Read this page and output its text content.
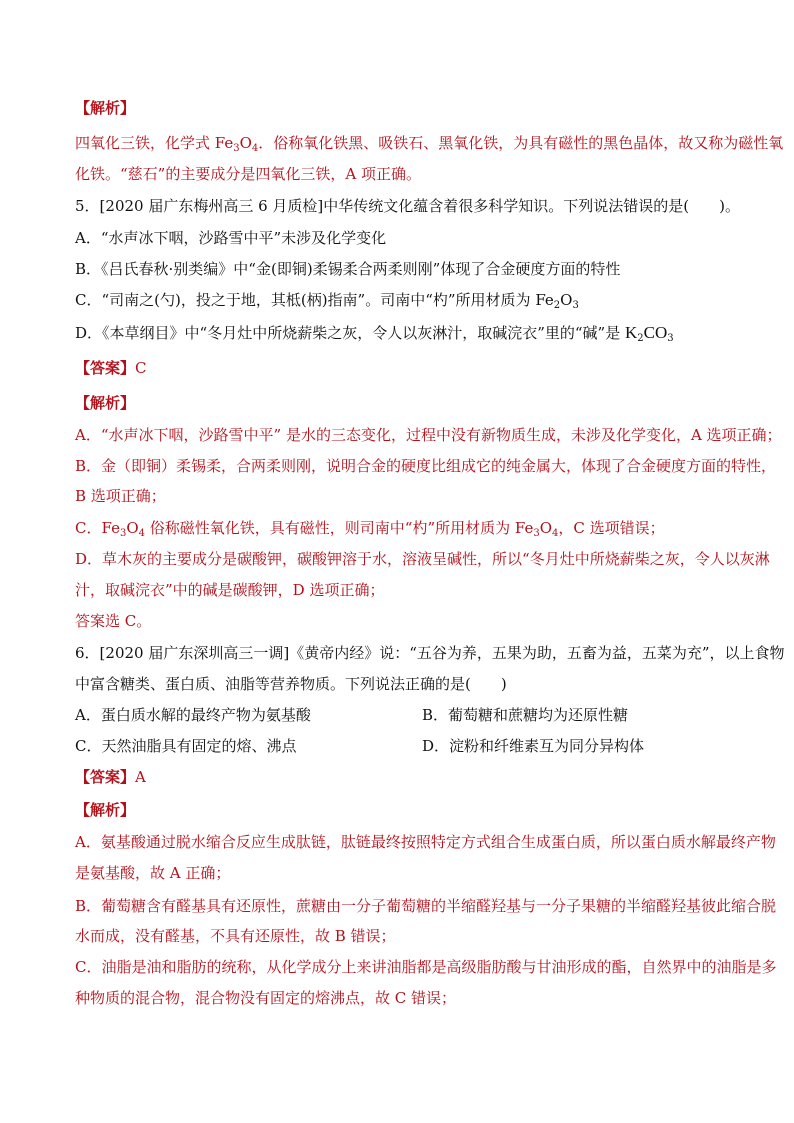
【解析】
四氧化三铁，化学式 $Fe_3O_4$．俗称氧化铁黑、吸铁石、黑氧化铁，为具有磁性的黑色晶体，故又称为磁性氧
化铁。“慈石”的主要成分是四氧化三铁，A 项正确。
5．[2020 届广东梅州高三 6 月质检]中华传统文化蕴含着很多科学知识。下列说法错误的是(　　)。
A．“水声冰下咽，沙路雪中平”未涉及化学变化
B．《吕氏春秋·别类编》中“金(即铜)柔锡柔合两柔则刚”体现了合金硬度方面的特性
C．“司南之(勺)，投之于地，其柢(柄)指南”。司南中“杓”所用材质为 $Fe_2O_3$
D．《本草纲目》中“冬月灶中所烧薪柴之灰，令人以灰淋汁，取碱浣衣”里的“碱”是 $K_2CO_3$
【答案】C
【解析】
A．“水声冰下咽，沙路雪中平” 是水的三态变化，过程中没有新物质生成，未涉及化学变化，A 选项正确；
B．金（即铜）柔锡柔，合两柔则刚，说明合金的硬度比组成它的纯金属大，体现了合金硬度方面的特性，
B 选项正确；
C．$Fe_3O_4$ 俗称磁性氧化铁，具有磁性，则司南中“杓”所用材质为 $Fe_3O_4$，C 选项错误；
D．草木灰的主要成分是碳酸钾，碳酸钾溶于水，溶液呈碱性，所以“冬月灶中所烧薪柴之灰，令人以灰淋
汁，取碱浣衣”中的碱是碳酸钾，D 选项正确；
答案选 C。
6．[2020 届广东深圳高三一调]《黄帝内经》说：“五谷为养，五果为助，五畜为益，五菜为充”，以上食物
中富含糖类、蛋白质、油脂等营养物质。下列说法正确的是(　　)
A．蛋白质水解的最终产物为氨基酸	B．葡萄糖和蔗糖均为还原性糖
C．天然油脂具有固定的熔、沸点	D．淀粉和纤维素互为同分异构体
【答案】A
【解析】
A．氨基酸通过脱水缩合反应生成肽链，肽链最终按照特定方式组合生成蛋白质，所以蛋白质水解最终产物
是氨基酸，故 A 正确；
B．葡萄糖含有醛基具有还原性，蔗糖由一分子葡萄糖的半缩醛羟基与一分子果糖的半缩醛羟基彼此缩合脱
水而成，没有醛基，不具有还原性，故 B 错误；
C．油脂是油和脂肪的统称，从化学成分上来讲油脂都是高级脂肪酸与甘油形成的酯，自然界中的油脂是多
种物质的混合物，混合物没有固定的熔沸点，故 C 错误；
